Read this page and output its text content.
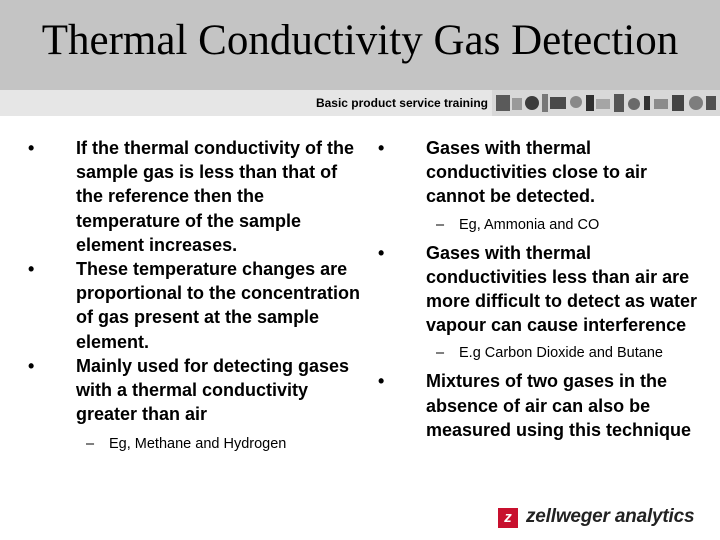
Thermal Conductivity Gas Detection
Basic product service training
• If the thermal conductivity of the sample gas is less than that of the reference then the temperature of the sample element increases.
• These temperature changes are proportional to the concentration of gas present at the sample element.
• Mainly used for detecting gases with a thermal conductivity greater than air
– Eg, Methane and Hydrogen
• Gases with thermal conductivities close to air cannot be detected.
– Eg, Ammonia and CO
• Gases with thermal conductivities less than air are more difficult to detect as water vapour can cause interference
– E.g Carbon Dioxide and Butane
• Mixtures of two gases in the absence of air can also be measured using this technique
z zellweger analytics
